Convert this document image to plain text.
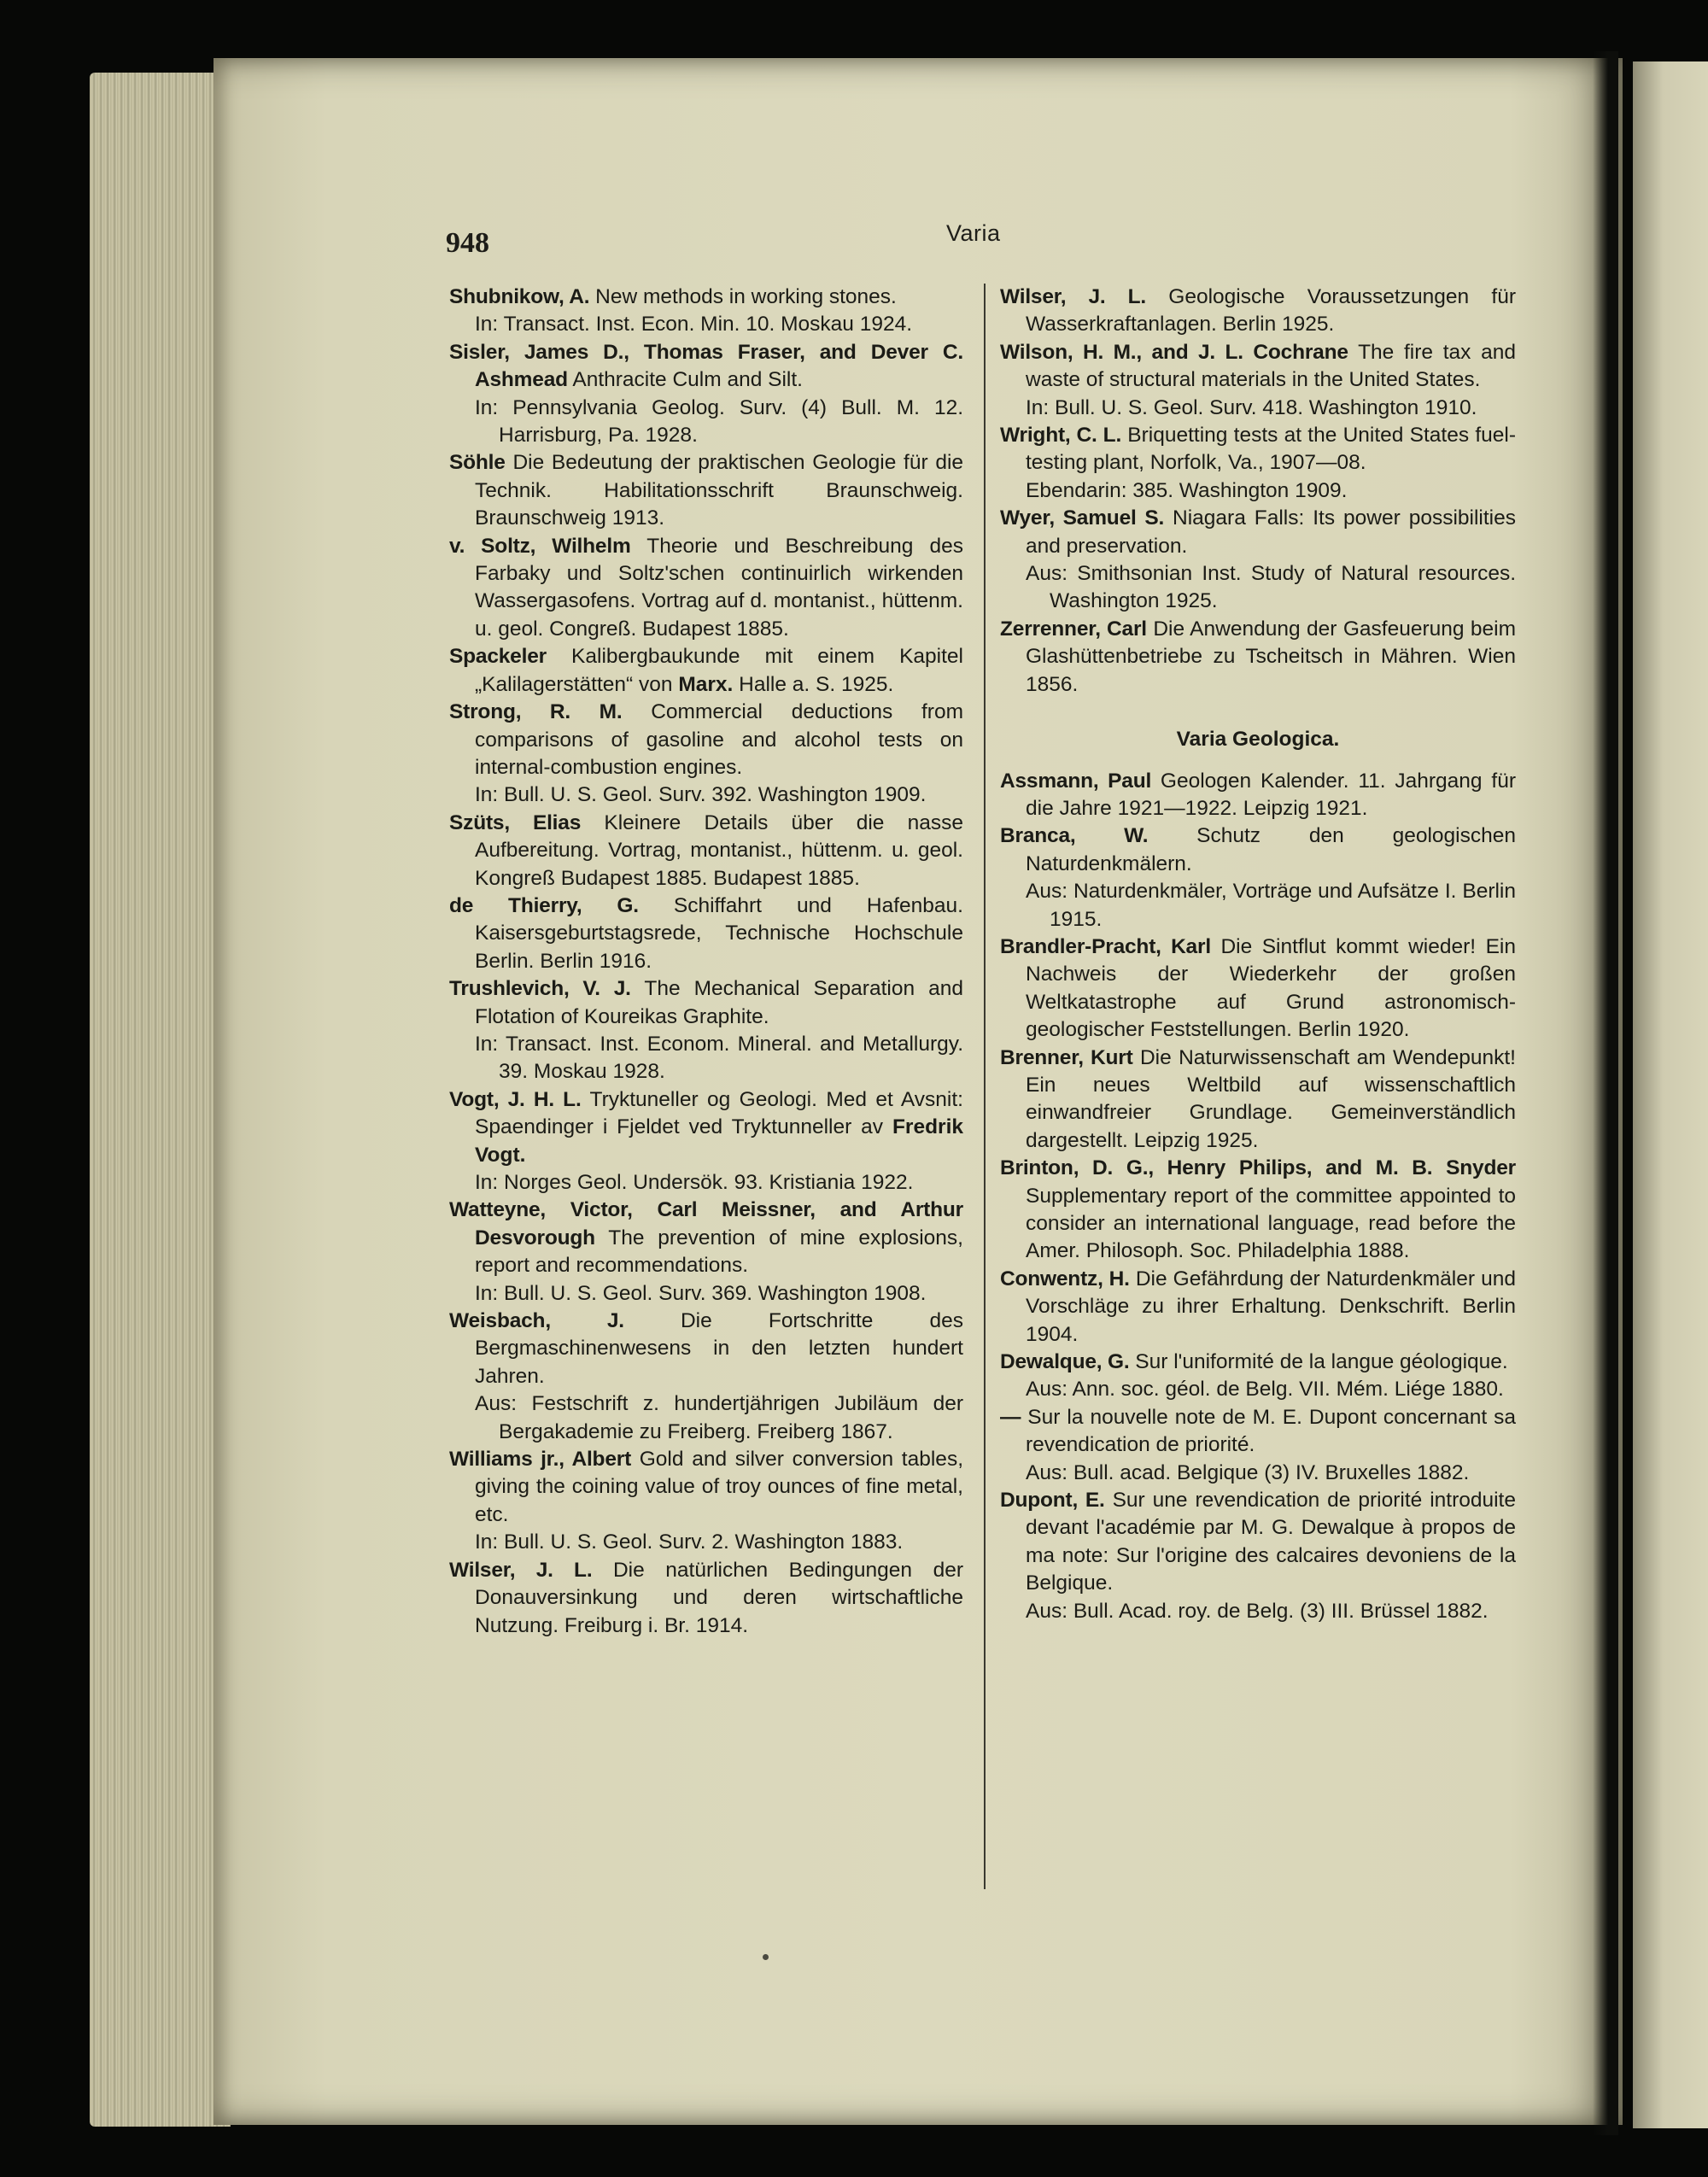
948	Varia

Shubnikow, A. New methods in working stones.

In: Transact. Inst. Econ. Min. 10. Moskau 1924.

Sisler, James D., Thomas Fraser, and Dever C. Ashmead Anthracite Culm and Silt.

In: Pennsylvania Geolog. Surv. (4) Bull. M. 12. Harrisburg, Pa. 1928.

Söhle Die Bedeutung der praktischen Geologie für die Technik. Habilitationsschrift Braunschweig. Braunschweig 1913.

v. Soltz, Wilhelm Theorie und Beschreibung des Farbaky und Soltz'schen continuirlich wirkenden Wassergasofens. Vortrag auf d. montanist., hüttenm. u. geol. Congreß. Budapest 1885.

Spackeler Kalibergbaukunde mit einem Kapitel „Kalilagerstätten“ von Marx. Halle a. S. 1925.

Strong, R. M. Commercial deductions from comparisons of gasoline and alcohol tests on internal-combustion engines.

In: Bull. U. S. Geol. Surv. 392. Washington 1909.

Szüts, Elias Kleinere Details über die nasse Aufbereitung. Vortrag, montanist., hüttenm. u. geol. Kongreß Budapest 1885. Budapest 1885.

de Thierry, G. Schiffahrt und Hafenbau. Kaisersgeburtstagsrede, Technische Hochschule Berlin. Berlin 1916.

Trushlevich, V. J. The Mechanical Separation and Flotation of Koureikas Graphite.

In: Transact. Inst. Econom. Mineral. and Metallurgy. 39. Moskau 1928.

Vogt, J. H. L. Tryktuneller og Geologi. Med et Avsnit: Spaendinger i Fjeldet ved Tryktunneller av Fredrik Vogt.

In: Norges Geol. Undersök. 93. Kristiania 1922.

Watteyne, Victor, Carl Meissner, and Arthur Desvorough The prevention of mine explosions, report and recommendations.

In: Bull. U. S. Geol. Surv. 369. Washington 1908.

Weisbach, J.	Die Fortschritte des Bergmaschinenwesens in den letzten hundert Jahren.

Aus: Festschrift z. hundertjährigen Jubiläum der Bergakademie zu Freiberg. Freiberg 1867.

Williams jr., Albert Gold and silver conversion tables, giving the coining value of troy ounces of fine metal, etc.

In: Bull. U. S. Geol. Surv. 2. Washington 1883.

Wilser, J. L. Die natürlichen Bedingungen der Donauversinkung und deren wirtschaftliche Nutzung. Freiburg i. Br. 1914.

Wilser, J. L. Geologische Voraussetzungen für Wasserkraftanlagen. Berlin 1925.

Wilson, H. M., and J. L. Cochrane The fire tax and waste of structural materials in the United States.

In: Bull. U. S. Geol. Surv. 418. Washington 1910.

Wright, C. L. Briquetting tests at the United States fuel-testing plant, Norfolk, Va., 1907—08.

Ebendarin: 385. Washington 1909.

Wyer, Samuel S. Niagara Falls: Its power possibilities and preservation.

Aus: Smithsonian Inst. Study of Natural resources. Washington 1925.

Zerrenner, Carl Die Anwendung der Gasfeuerung beim Glashüttenbetriebe zu Tscheitsch in Mähren. Wien 1856.

Varia Geologica.

Assmann, Paul Geologen Kalender. 11. Jahrgang für die Jahre 1921—1922. Leipzig 1921.

Branca, W. Schutz den geologischen Naturdenkmälern.

Aus: Naturdenkmäler, Vorträge und Aufsätze I. Berlin 1915.

Brandler-Pracht, Karl Die Sintflut kommt wieder! Ein Nachweis der Wiederkehr der großen Weltkatastrophe auf Grund astronomisch-geologischer Feststellungen. Berlin 1920.

Brenner, Kurt Die Naturwissenschaft am Wendepunkt! Ein neues Weltbild auf wissenschaftlich einwandfreier Grundlage. Gemeinverständlich dargestellt. Leipzig 1925.

Brinton, D. G., Henry Philips, and M. B. Snyder Supplementary report of the committee appointed to consider an international language, read before the Amer. Philosoph. Soc. Philadelphia 1888.

Conwentz, H. Die Gefährdung der Naturdenkmäler und Vorschläge zu ihrer Erhaltung. Denkschrift. Berlin 1904.

Dewalque, G. Sur l'uniformité de la langue géologique.

Aus: Ann. soc. géol. de Belg. VII. Mém. Liége 1880.

— Sur la nouvelle note de M. E. Dupont concernant sa revendication de priorité.

Aus: Bull. acad. Belgique (3) IV. Bruxelles 1882.

Dupont, E. Sur une revendication de priorité introduite devant l'académie par M. G. Dewalque à propos de ma note: Sur l'origine des calcaires devoniens de la Belgique.

Aus: Bull. Acad. roy. de Belg. (3) III. Brüssel 1882.
